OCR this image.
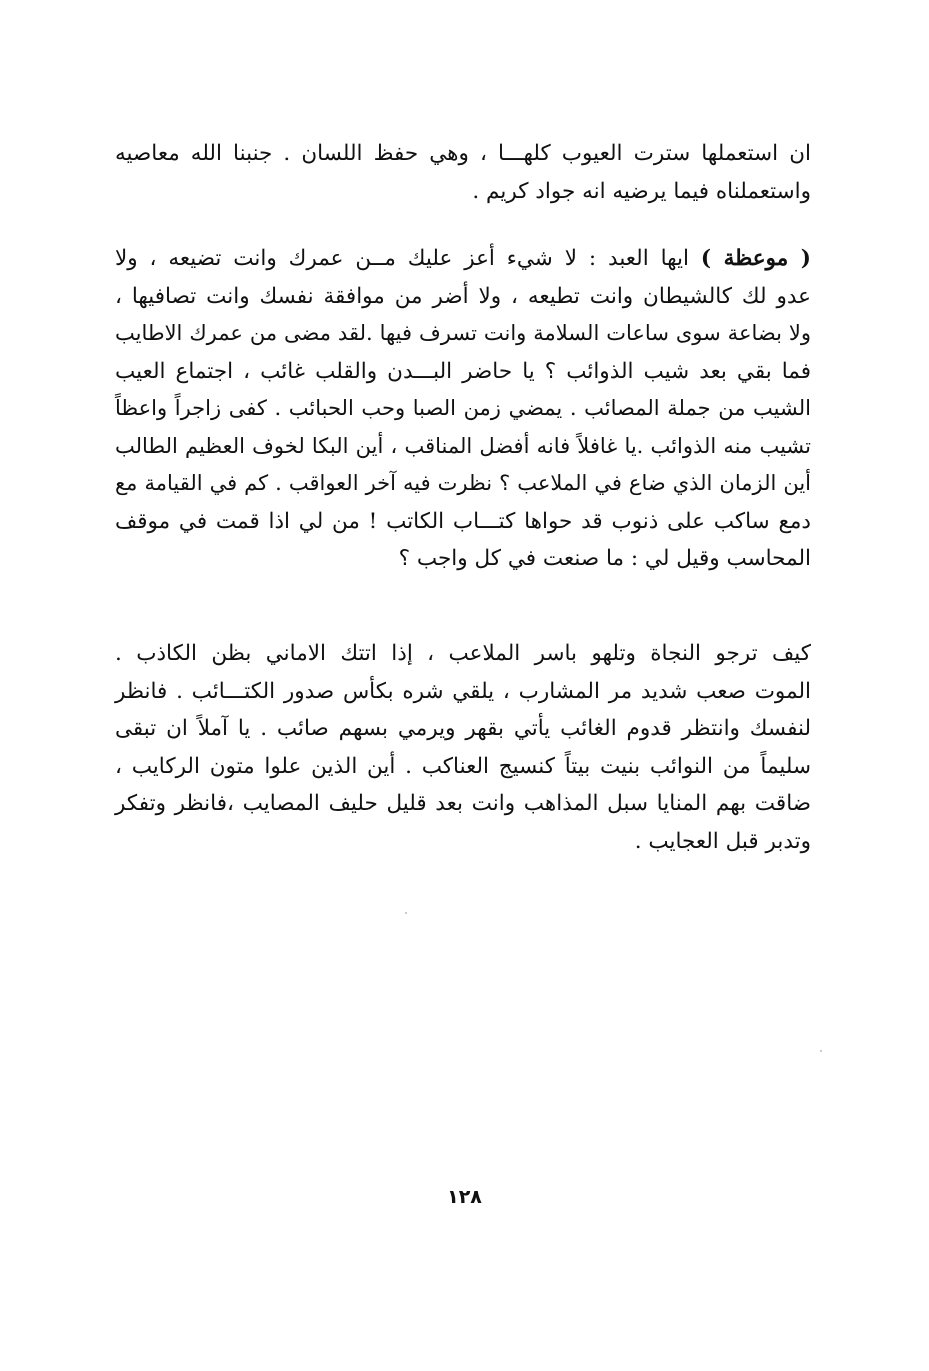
ان استعملها سترت العيوب كلهـــا ، وهي حفظ اللسان . جنبنا الله معاصيه
واستعملناه فيما يرضيه انه جواد كريم .
( موعظة ) ايها العبد : لا شيء أعز عليك مــن عمرك وانت تضيعه ، ولا
عدو لك كالشيطان وانت تطيعه ، ولا أضر من موافقة نفسك وانت تصافيها ،
ولا بضاعة سوى ساعات السلامة وانت تسرف فيها .لقد مضى من عمرك الاطايب
فما بقي بعد شيب الذوائب ؟ يا حاضر البـــدن والقلب غائب ، اجتماع العيب
الشيب من جملة المصائب . يمضي زمن الصبا وحب الحبائب . كفى زاجراً واعظاً
تشيب منه الذوائب .يا غافلاً فانه أفضل المناقب ، أين البكا لخوف العظيم الطالب
أين الزمان الذي ضاع في الملاعب ؟ نظرت فيه آخر العواقب . كم في القيامة مع
دمع ساكب على ذنوب قد حواها كتـــاب الكاتب ! من لي اذا قمت في موقف
المحاسب وقيل لي : ما صنعت في كل واجب ؟
كيف ترجو النجاة وتلهو باسر الملاعب ، إذا اتتك الاماني بظن الكاذب .
الموت صعب شديد مر المشارب ، يلقي شره بكأس صدور الكتـــائب . فانظر
لنفسك وانتظر قدوم الغائب يأتي بقهر ويرمي بسهم صائب . يا آملاً ان تبقى
سليماً من النوائب بنيت بيتاً كنسيج العناكب . أين الذين علوا متون الركايب ،
ضاقت بهم المنايا سبل المذاهب وانت بعد قليل حليف المصايب ،فانظر وتفكر
وتدبر قبل العجايب .
١٢٨
